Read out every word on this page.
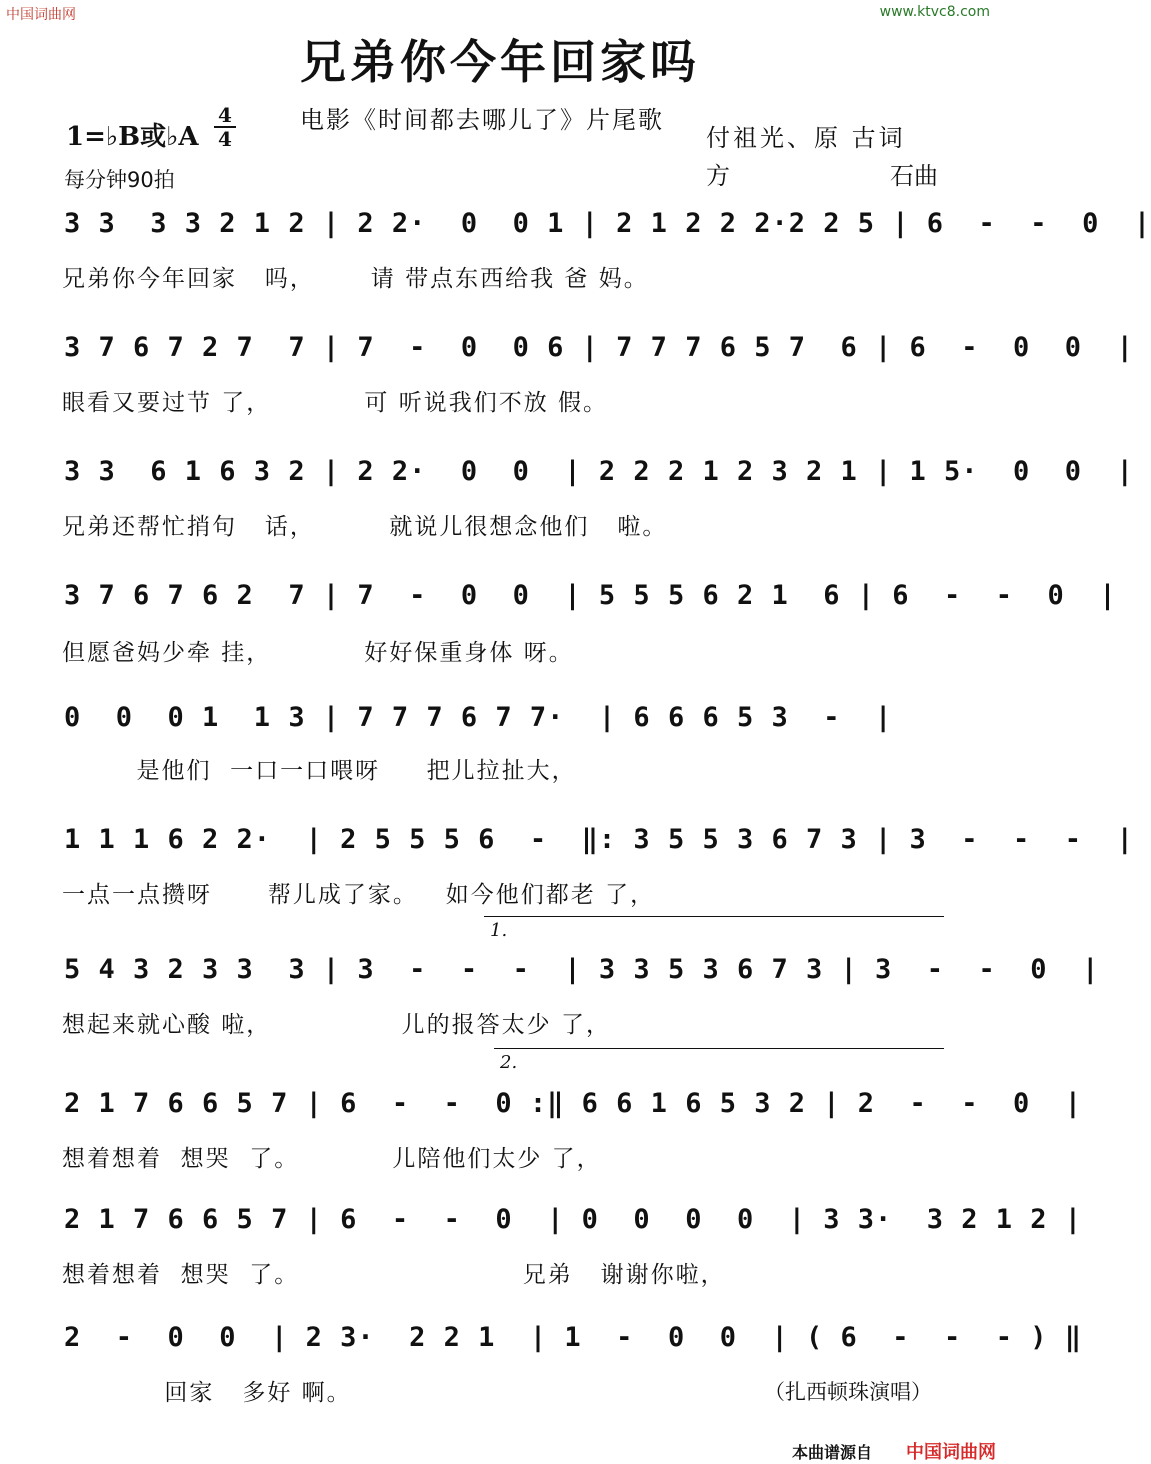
中国词曲网	www.ktvc8.com
兄弟你今年回家吗
电影《时间都去哪儿了》片尾歌
1=♭B或♭A
4
4
每分钟90拍
付祖光、原 古词
方	石曲
3 3  3 3 2 1 2 | 2 2·  0  0 1 | 2 1 2 2 2·2 2 5 | 6  -  -  0  |
兄弟你今年回家   吗，      请 带点东西给我 爸 妈。
3 7 6 7 2 7  7 | 7  -  0  0 6 | 7 7 7 6 5 7  6 | 6  -  0  0  |
眼看又要过节 了，          可 听说我们不放 假。
3 3  6 1 6 3 2 | 2 2·  0  0  | 2 2 2 1 2 3 2 1 | 1 5·  0  0  |
兄弟还帮忙捎句   话，        就说儿很想念他们   啦。
3 7 6 7 6 2  7 | 7  -  0  0  | 5 5 5 6 2 1  6 | 6  -  -  0  |
但愿爸妈少牵 挂，          好好保重身体 呀。
0  0  0 1  1 3 | 7 7 7 6 7 7·  | 6 6 6 5 3  -  |
是他们  一口一口喂呀     把儿拉扯大，
1 1 1 6 2 2·  | 2 5 5 5 6  -  ‖: 3 5 5 3 6 7 3 | 3  -  -  -  |
一点一点攒呀      帮儿成了家。   如今他们都老 了，
1.
5 4 3 2 3 3  3 | 3  -  -  -  | 3 3 5 3 6 7 3 | 3  -  -  0  |
想起来就心酸 啦，              儿的报答太少 了，
2.
2 1 7 6 6 5 7 | 6  -  -  0 :‖ 6 6 1 6 5 3 2 | 2  -  -  0  |
想着想着  想哭  了。          儿陪他们太少 了，
2 1 7 6 6 5 7 | 6  -  -  0  | 0  0  0  0  | 3 3·  3 2 1 2 |
想着想着  想哭  了。                        兄弟   谢谢你啦，
2  -  0  0  | 2 3·  2 2 1  | 1  -  0  0  | ( 6  -  -  - ) ‖
回家   多好 啊。	（扎西顿珠演唱）
本曲谱源自 中国词曲网
